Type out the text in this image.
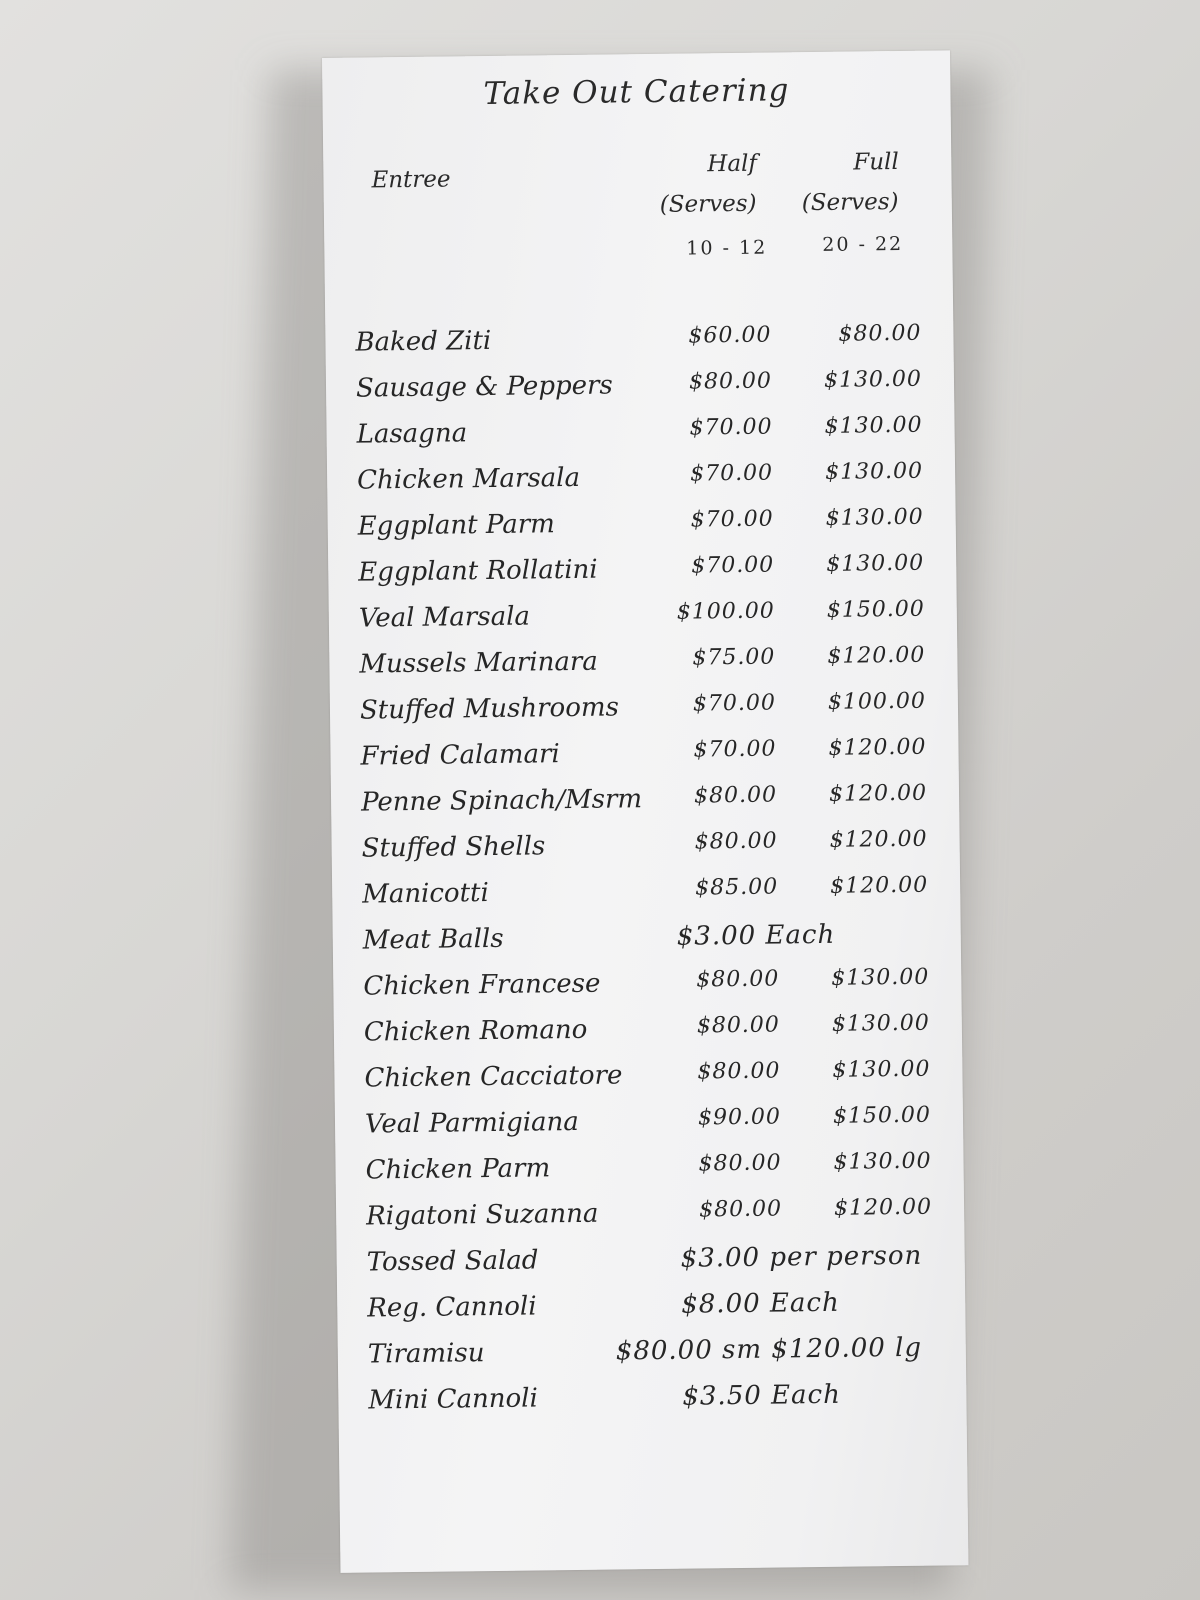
Take Out Catering
Entree
Half	Full
(Serves) (Serves)
10 - 12	20 - 22
Baked Ziti	$60.00	$80.00
Sausage & Peppers	$80.00 $130.00
Lasagna	$70.00 $130.00
Chicken Marsala	$70.00 $130.00
Eggplant Parm	$70.00 $130.00
Eggplant Rollatini	$70.00 $130.00
Veal Marsala	$100.00 $150.00
Mussels Marinara	$75.00 $120.00
Stuffed Mushrooms	$70.00 $100.00
Fried Calamari	$70.00 $120.00
Penne Spinach/Msrm $80.00 $120.00
Stuffed Shells	$80.00 $120.00
Manicotti	$85.00 $120.00
Meat Balls	$3.00 Each
Chicken Francese	$80.00 $130.00
Chicken Romano	$80.00 $130.00
Chicken Cacciatore	$80.00 $130.00
Veal Parmigiana	$90.00 $150.00
Chicken Parm	$80.00 $130.00
Rigatoni Suzanna	$80.00 $120.00
Tossed Salad	$3.00 per person
Reg. Cannoli	$8.00 Each
Tiramisu	$80.00 sm $120.00 lg
Mini Cannoli	$3.50 Each
